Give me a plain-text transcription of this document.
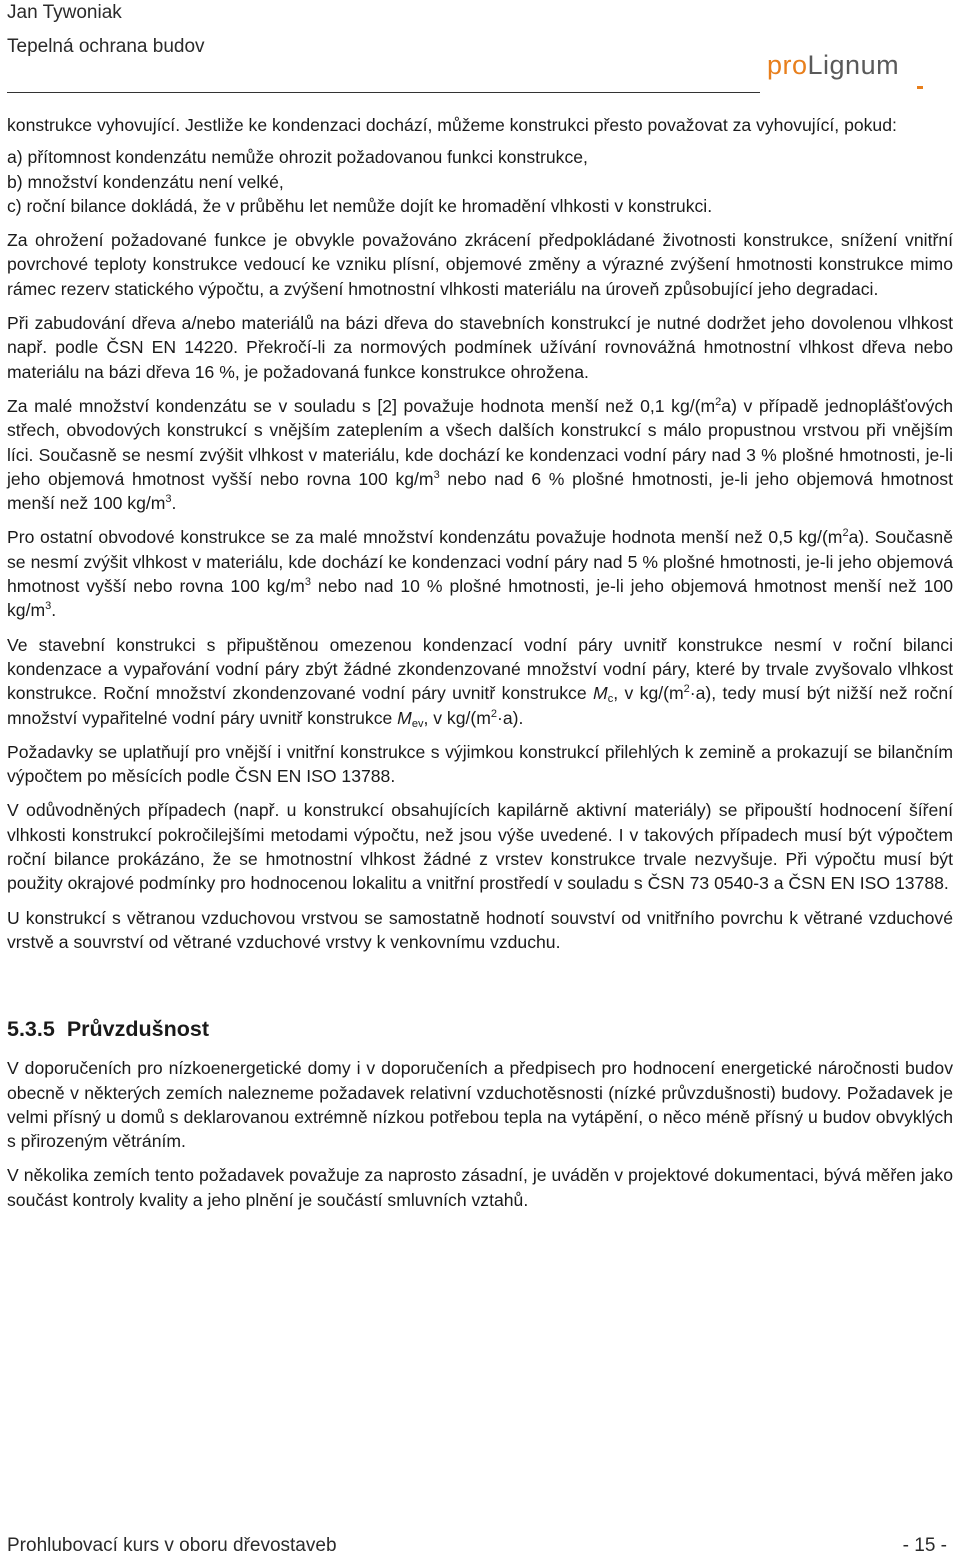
Jan Tywoniak
Tepelná ochrana budov
proLignum

konstrukce vyhovující. Jestliže ke kondenzaci dochází, můžeme konstrukci přesto považovat za vyhovující, pokud:

a) přítomnost kondenzátu nemůže ohrozit požadovanou funkci konstrukce,

b) množství kondenzátu není velké,

c) roční bilance dokládá, že v průběhu let nemůže dojít ke hromadění vlhkosti v konstrukci.

Za ohrožení požadované funkce je obvykle považováno zkrácení předpokládané životnosti konstrukce, snížení vnitřní povrchové teploty konstrukce vedoucí ke vzniku plísní, objemové změny a výrazné zvýšení hmotnosti konstrukce mimo rámec rezerv statického výpočtu, a zvýšení hmotnostní vlhkosti materiálu na úroveň způsobující jeho degradaci.

Při zabudování dřeva a/nebo materiálů na bázi dřeva do stavebních konstrukcí je nutné dodržet jeho dovolenou vlhkost např. podle ČSN EN 14220. Překročí-li za normových podmínek užívání rovnovážná hmotnostní vlhkost dřeva nebo materiálu na bázi dřeva 16 %, je požadovaná funkce konstrukce ohrožena.

Za malé množství kondenzátu se v souladu s [2] považuje hodnota menší než 0,1 $kg/(m^2a)$ v případě jednoplášťových střech, obvodových konstrukcí s vnějším zateplením a všech dalších konstrukcí s málo propustnou vrstvou při vnějším líci. Současně se nesmí zvýšit vlhkost v materiálu, kde dochází ke kondenzaci vodní páry nad 3 % plošné hmotnosti, je-li jeho objemová hmotnost vyšší nebo rovna 100 $kg/m^3$ nebo nad 6 % plošné hmotnosti, je-li jeho objemová hmotnost menší než 100 $kg/m^3$.

Pro ostatní obvodové konstrukce se za malé množství kondenzátu považuje hodnota menší než 0,5 $kg/(m^2a)$. Současně se nesmí zvýšit vlhkost v materiálu, kde dochází ke kondenzaci vodní páry nad 5 % plošné hmotnosti, je-li jeho objemová hmotnost vyšší nebo rovna 100 $kg/m^3$ nebo nad 10 % plošné hmotnosti, je-li jeho objemová hmotnost menší než 100 $kg/m^3$.

Ve stavební konstrukci s připuštěnou omezenou kondenzací vodní páry uvnitř konstrukce nesmí v roční bilanci kondenzace a vypařování vodní páry zbýt žádné zkondenzované množství vodní páry, které by trvale zvyšovalo vlhkost konstrukce. Roční množství zkondenzované vodní páry uvnitř konstrukce $M_c$, v $kg/(m^2\cdot a)$, tedy musí být nižší než roční množství vypařitelné vodní páry uvnitř konstrukce $M_{ev}$, v $kg/(m^2\cdot a)$.

Požadavky se uplatňují pro vnější i vnitřní konstrukce s výjimkou konstrukcí přilehlých k zemině a prokazují se bilančním výpočtem po měsících podle ČSN EN ISO 13788.

V odůvodněných případech (např. u konstrukcí obsahujících kapilárně aktivní materiály) se připouští hodnocení šíření vlhkosti konstrukcí pokročilejšími metodami výpočtu, než jsou výše uvedené. I v takových případech musí být výpočtem roční bilance prokázáno, že se hmotnostní vlhkost žádné z vrstev konstrukce trvale nezvyšuje. Při výpočtu musí být použity okrajové podmínky pro hodnocenou lokalitu a vnitřní prostředí v souladu s ČSN 73 0540-3 a ČSN EN ISO 13788.

U konstrukcí s větranou vzduchovou vrstvou se samostatně hodnotí souvství od vnitřního povrchu k větrané vzduchové vrstvě a souvrství od větrané vzduchové vrstvy k venkovnímu vzduchu.

5.3.5 Průvzdušnost

V doporučeních pro nízkoenergetické domy i v doporučeních a předpisech pro hodnocení energetické náročnosti budov obecně v některých zemích nalezneme požadavek relativní vzduchotěsnosti (nízké průvzdušnosti) budovy. Požadavek je velmi přísný u domů s deklarovanou extrémně nízkou potřebou tepla na vytápění, o něco méně přísný u budov obvyklých s přirozeným větráním.

V několika zemích tento požadavek považuje za naprosto zásadní, je uváděn v projektové dokumentaci, bývá měřen jako součást kontroly kvality a jeho plnění je součástí smluvních vztahů.

Prohlubovací kurs v oboru dřevostaveb	- 15 -
